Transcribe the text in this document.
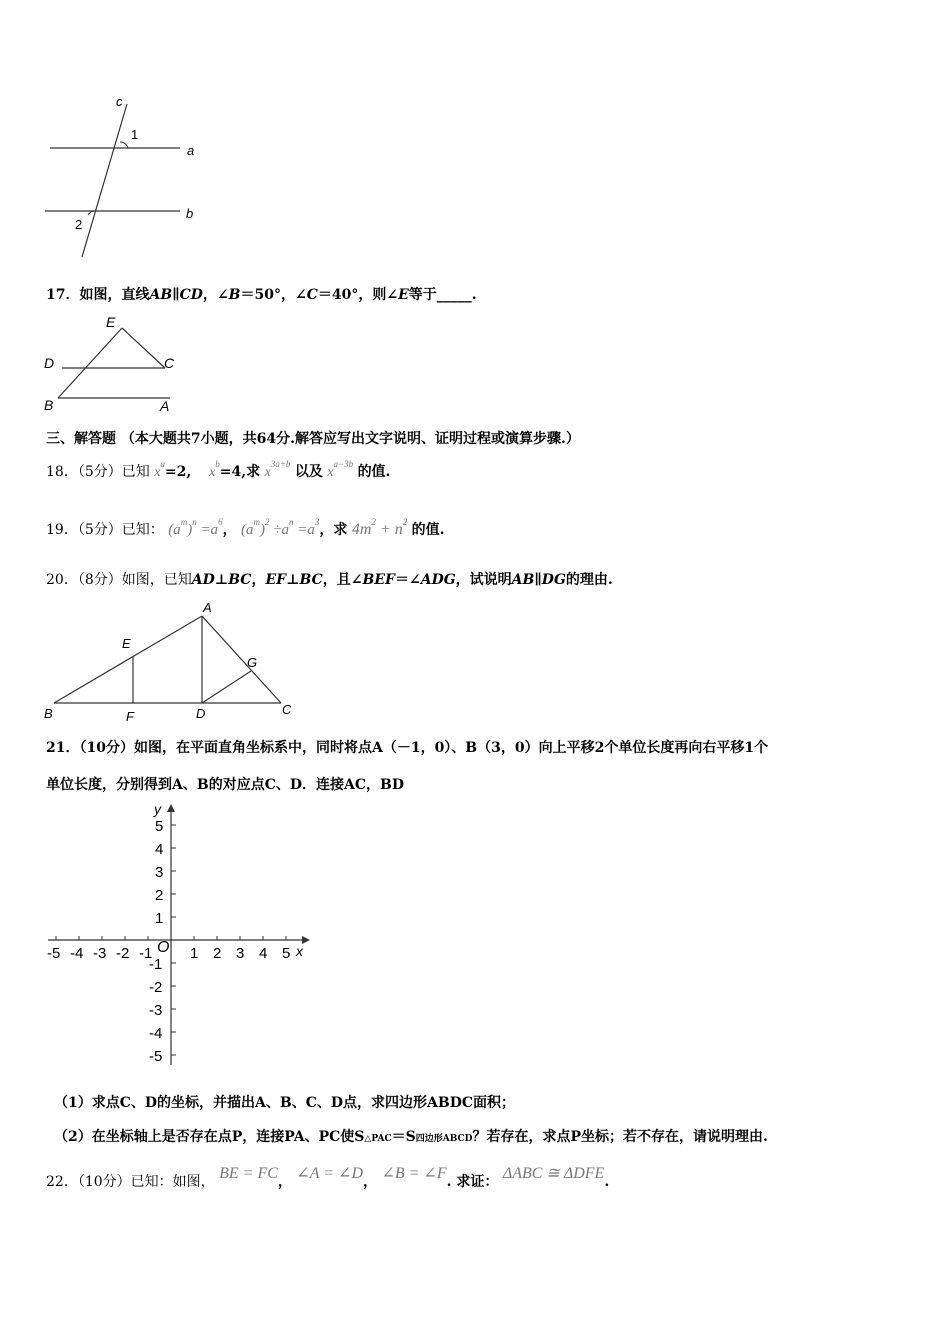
c
1
a
2
b
17．如图，直线AB∥CD，∠B＝50°，∠C＝40°，则∠E等于_____.
E
D	C
B	A
三、解答题 （本大题共7小题，共64分.解答应写出文字说明、证明过程或演算步骤.）
18．（5分）已知 $x^a=2$, $x^b=4$,求 $x^{3a+b}$ 以及 $x^{a-3b}$ 的值.
19．（5分）已知： $(a^m)^n =a^6$， $(a^m)^2 \div a^n =a^3$，求 $4m^2 + n^2$ 的值.
20．（8分）如图，已知AD⊥BC，EF⊥BC，且∠BEF＝∠ADG，试说明AB∥DG的理由.
A
E
G
B	F	D	C
21．（10分）如图，在平面直角坐标系中，同时将点A（－1，0）、B（3，0）向上平移2个单位长度再向右平移1个
单位长度，分别得到A、B的对应点C、D．连接AC，BD
-5 -4 -3 -2 -1	1 2 3 4 5
5
4
3
2
1
-1
-2
-3
-4
-5
y
x
O
（1）求点C、D的坐标，并描出A、B、C、D点，求四边形ABDC面积；
（2）在坐标轴上是否存在点P，连接PA、PC使S△PAC＝S四边形ABCD？若存在，求点P坐标；若不存在，请说明理由.
22．（10分）已知：如图， BE = FC， ∠A = ∠D， ∠B = ∠F. 求证： ΔABC ≅ ΔDFE.
